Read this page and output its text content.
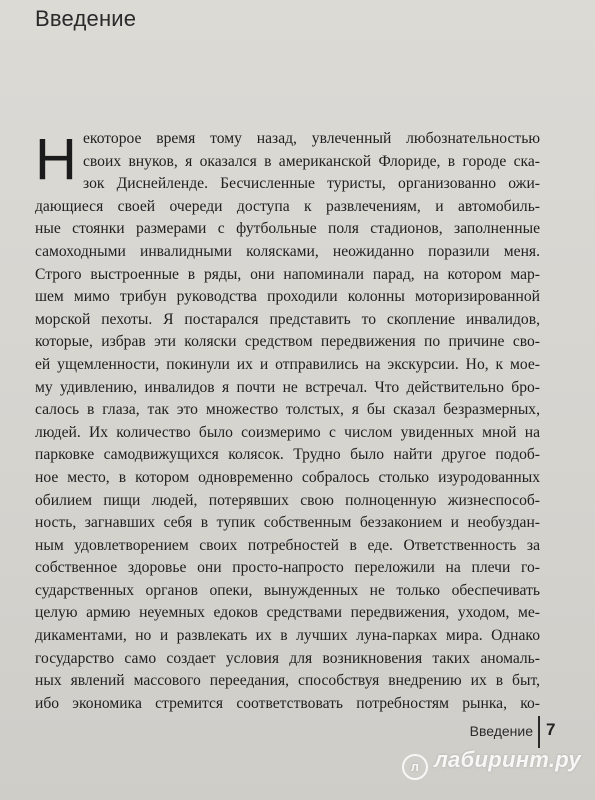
Введение
Н екоторое время тому назад, увлеченный любознательностью
своих внуков, я оказался в американской Флориде, в городе ска-
зок Диснейленде. Бесчисленные туристы, организованно ожи-
дающиеся своей очереди доступа к развлечениям, и автомобиль-
ные стоянки размерами с футбольные поля стадионов, заполненные
самоходными инвалидными колясками, неожиданно поразили меня.
Строго выстроенные в ряды, они напоминали парад, на котором мар-
шем мимо трибун руководства проходили колонны моторизированной
морской пехоты. Я постарался представить то скопление инвалидов,
которые, избрав эти коляски средством передвижения по причине сво-
ей ущемленности, покинули их и отправились на экскурсии. Но, к мое-
му удивлению, инвалидов я почти не встречал. Что действительно бро-
салось в глаза, так это множество толстых, я бы сказал безразмерных,
людей. Их количество было соизмеримо с числом увиденных мной на
парковке самодвижущихся колясок. Трудно было найти другое подоб-
ное место, в котором одновременно собралось столько изуродованных
обилием пищи людей, потерявших свою полноценную жизнеспособ-
ность, загнавших себя в тупик собственным беззаконием и необуздан-
ным удовлетворением своих потребностей в еде. Ответственность за
собственное здоровье они просто-напросто переложили на плечи го-
сударственных органов опеки, вынужденных не только обеспечивать
целую армию неуемных едоков средствами передвижения, уходом, ме-
дикаментами, но и развлекать их в лучших луна-парках мира. Однако
государство само создает условия для возникновения таких аномаль-
ных явлений массового переедания, способствуя внедрению их в быт,
ибо экономика стремится соответствовать потребностям рынка, ко-
Введение 7
л лабиринт.ру
